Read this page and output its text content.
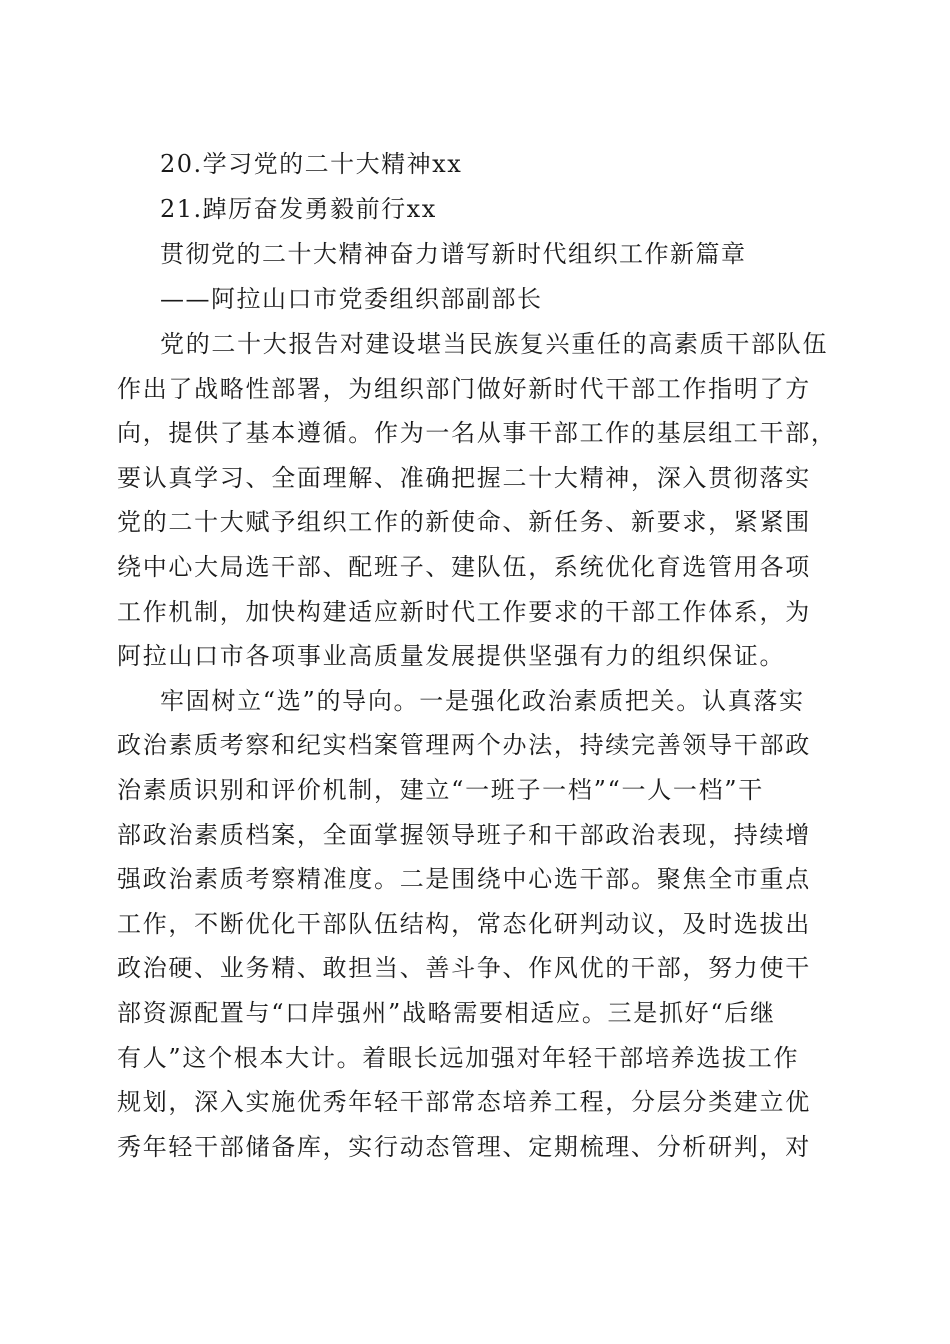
20.学习党的二十大精神xx
21.踔厉奋发勇毅前行xx
贯彻党的二十大精神奋力谱写新时代组织工作新篇章
——阿拉山口市党委组织部副部长
党的二十大报告对建设堪当民族复兴重任的高素质干部队伍
作出了战略性部署，为组织部门做好新时代干部工作指明了方
向，提供了基本遵循。作为一名从事干部工作的基层组工干部，
要认真学习、全面理解、准确把握二十大精神，深入贯彻落实
党的二十大赋予组织工作的新使命、新任务、新要求，紧紧围
绕中心大局选干部、配班子、建队伍，系统优化育选管用各项
工作机制，加快构建适应新时代工作要求的干部工作体系，为
阿拉山口市各项事业高质量发展提供坚强有力的组织保证。
牢固树立“选”的导向。一是强化政治素质把关。认真落实
政治素质考察和纪实档案管理两个办法，持续完善领导干部政
治素质识别和评价机制，建立“一班子一档”“一人一档”干
部政治素质档案，全面掌握领导班子和干部政治表现，持续增
强政治素质考察精准度。二是围绕中心选干部。聚焦全市重点
工作，不断优化干部队伍结构，常态化研判动议，及时选拔出
政治硬、业务精、敢担当、善斗争、作风优的干部，努力使干
部资源配置与“口岸强州”战略需要相适应。三是抓好“后继
有人”这个根本大计。着眼长远加强对年轻干部培养选拔工作
规划，深入实施优秀年轻干部常态培养工程，分层分类建立优
秀年轻干部储备库，实行动态管理、定期梳理、分析研判，对
